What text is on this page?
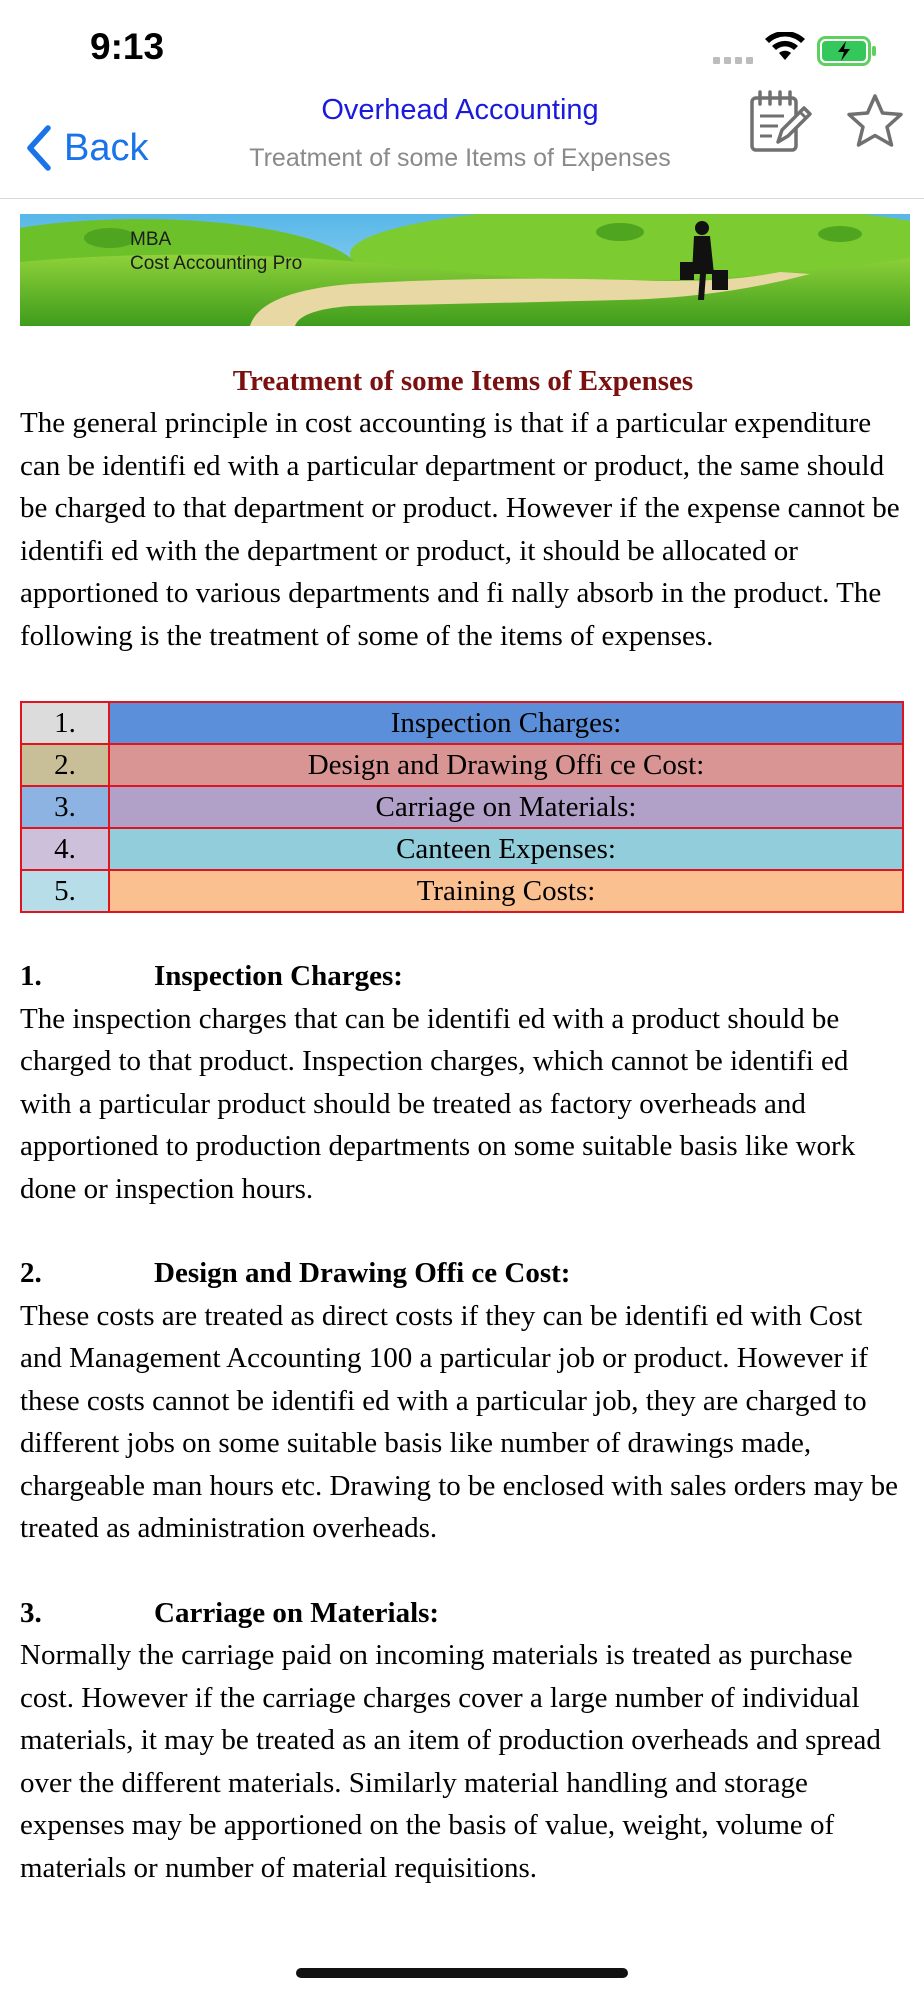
9:13
Back
Overhead Accounting
Treatment of some Items of Expenses
MBA
Cost Accounting Pro
Treatment of some Items of Expenses

The general principle in cost accounting is that if a particular expenditure can be identifi ed with a particular department or product, the same should be charged to that department or product. However if the expense cannot be identifi ed with the department or product, it should be allocated or apportioned to various departments and fi nally absorb in the product. The following is the treatment of some of the items of expenses.

1.	Inspection Charges:
2.	Design and Drawing Offi ce Cost:
3.	Carriage on Materials:
4.	Canteen Expenses:
5.	Training Costs:

1.	Inspection Charges:

The inspection charges that can be identifi ed with a product should be charged to that product. Inspection charges, which cannot be identifi ed with a particular product should be treated as factory overheads and apportioned to production departments on some suitable basis like work done or inspection hours.

2.	Design and Drawing Offi ce Cost:

These costs are treated as direct costs if they can be identifi ed with Cost and Management Accounting 100 a particular job or product. However if these costs cannot be identifi ed with a particular job, they are charged to different jobs on some suitable basis like number of drawings made, chargeable man hours etc. Drawing to be enclosed with sales orders may be treated as administration overheads.

3.	Carriage on Materials:

Normally the carriage paid on incoming materials is treated as purchase cost. However if the carriage charges cover a large number of individual materials, it may be treated as an item of production overheads and spread over the different materials. Similarly material handling and storage expenses may be apportioned on the basis of value, weight, volume of materials or number of material requisitions.
